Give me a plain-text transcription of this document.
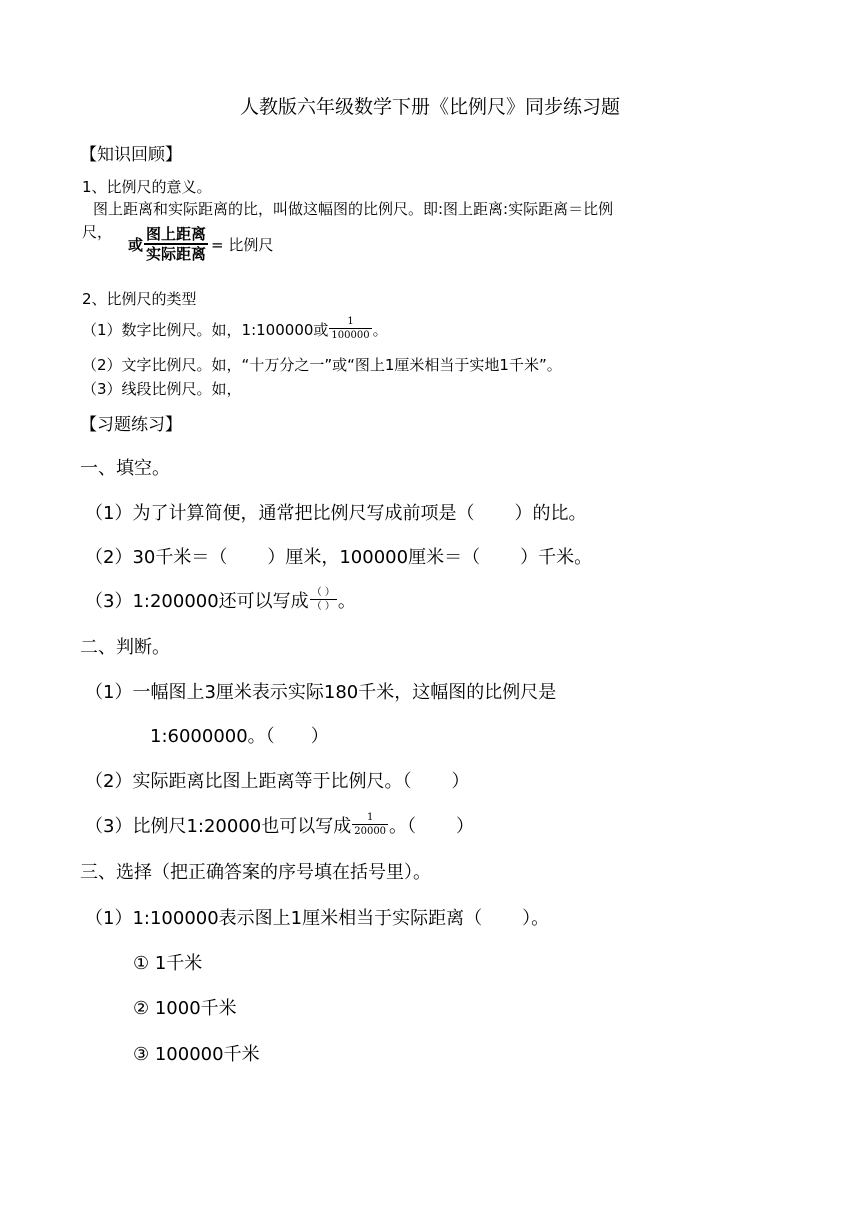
人教版六年级数学下册《比例尺》同步练习题
【知识回顾】
1、比例尺的意义。
图上距离和实际距离的比，叫做这幅图的比例尺。即:图上距离:实际距离＝比例
尺，
或 $\frac{\text{图上距离}}{\text{实际距离}}$ = 比例尺
2、比例尺的类型
（1）数字比例尺。如，1:100000或 $\frac{1}{100000}$ 。
（2）文字比例尺。如，“十万分之一”或“图上1厘米相当于实地1千米”。
（3）线段比例尺。如，
【习题练习】
一、填空。
（1）为了计算简便，通常把比例尺写成前项是（ ）的比。
（2）30千米＝（ ）厘米，100000厘米＝（ ）千米。
（3）1:200000还可以写成 $\frac{( )}{( )}$ 。
二、判断。
（1）一幅图上3厘米表示实际180千米，这幅图的比例尺是
1:6000000。（ ）
（2）实际距离比图上距离等于比例尺。（ ）
（3）比例尺1:20000也可以写成 $\frac{1}{20000}$ 。（ ）
三、选择（把正确答案的序号填在括号里）。
（1）1:100000表示图上1厘米相当于实际距离（ ）。
① 1千米
② 1000千米
③ 100000千米
